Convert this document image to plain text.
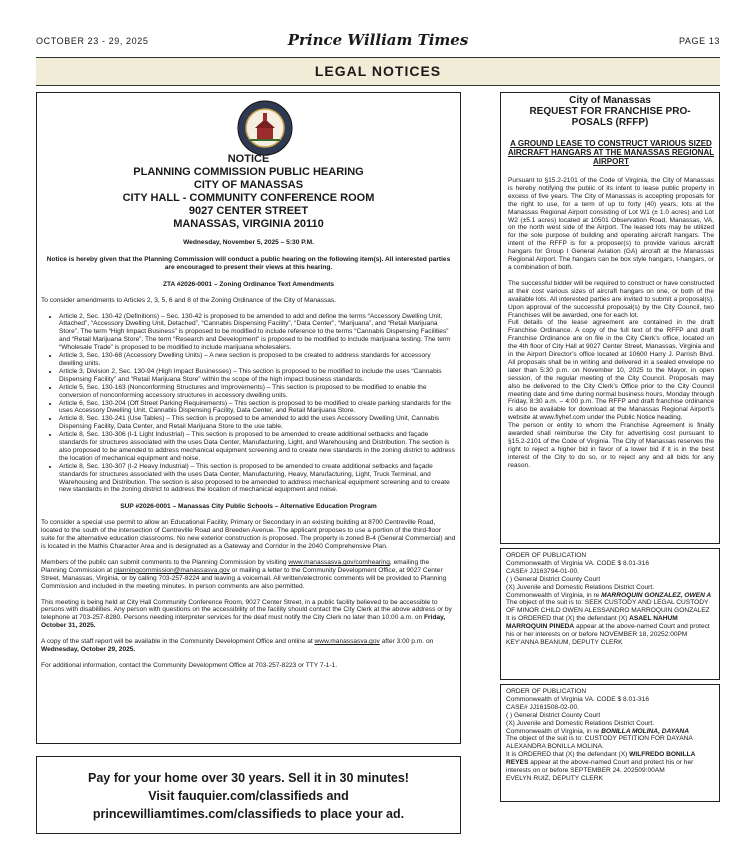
OCTOBER 23 - 29, 2025	Prince William Times	PAGE 13
LEGAL NOTICES
NOTICE
PLANNING COMMISSION PUBLIC HEARING
CITY OF MANASSAS
CITY HALL - COMMUNITY CONFERENCE ROOM
9027 CENTER STREET
MANASSAS, VIRGINIA 20110
Wednesday, November 5, 2025 – 5:30 P.M.
Notice is hereby given that the Planning Commission will conduct a public hearing on the following item(s). All interested parties are encouraged to present their views at this hearing.
ZTA #2026-0001 – Zoning Ordinance Text Amendments
To consider amendments to Articles 2, 3, 5, 6 and 8 of the Zoning Ordinance of the City of Manassas.
• Article 2, Sec. 130-42 (Definitions) – Sec. 130-42 is proposed to be amended to add and define the terms “Accessory Dwelling Unit, Attached”, “Accessory Dwelling Unit, Detached”, “Cannabis Dispensing Facility”, “Data Center”, “Marijuana”, and “Retail Marijuana Store”. The term “High Impact Business” is proposed to be modified to include reference to the terms “Cannabis Dispensing Facilities” and “Retail Marijuana Store”. The term “Research and Development” is proposed to be modified to include marijuana testing. The term “Wholesale Trade” is proposed to be modified to include marijuana wholesalers.
• Article 3, Sec. 130-68 (Accessory Dwelling Units) – A new section is proposed to be created to address standards for accessory dwelling units.
• Article 3, Division 2, Sec. 130-94 (High Impact Businesses) – This section is proposed to be modified to include the uses “Cannabis Dispensing Facility” and “Retail Marijuana Store” within the scope of the high impact business standards.
• Article 5, Sec. 130-163 (Nonconforming Structures and Improvements) – This section is proposed to be modified to enable the conversion of nonconforming accessory structures in accessory dwelling units.
• Article 6, Sec. 130-204 (Off Street Parking Requirements) – This section is proposed to be modified to create parking standards for the uses Accessory Dwelling Unit, Cannabis Dispensing Facility, Data Center, and Retail Marijuana Store.
• Article 8, Sec. 130-241 (Use Tables) – This section is proposed to be amended to add the uses Accessory Dwelling Unit, Cannabis Dispensing Facility, Data Center, and Retail Marijuana Store to the use table.
• Article 8, Sec. 130-306 (I-1 Light Industrial) – This section is proposed to be amended to create additional setbacks and façade standards for structures associated with the uses Data Center, Manufacturing, Light, and Warehousing and Distribution. The section is also proposed to be amended to address mechanical equipment screening and to create new standards in the zoning district to address the location of mechanical equipment and noise.
• Article 8, Sec. 130-307 (I-2 Heavy Industrial) – This section is proposed to be amended to create additional setbacks and façade standards for structures associated with the uses Data Center, Manufacturing, Heavy, Manufacturing, Light, Truck Terminal, and Warehousing and Distribution. The section is also proposed to be amended to address mechanical equipment screening and to create new standards in the zoning district to address the location of mechanical equipment and noise.
SUP #2026-0001 – Manassas City Public Schools – Alternative Education Program
To consider a special use permit to allow an Educational Facility, Primary or Secondary in an existing building at 8700 Centreville Road, located to the south of the intersection of Centreville Road and Breeden Avenue. The applicant proposes to use a portion of the third-floor suite for the alternative education classrooms. No new exterior construction is proposed. The property is zoned B-4 (General Commercial) and is located in the Mathis Character Area and is designated as a Gateway and Corridor in the 2040 Comprehensive Plan.
Members of the public can submit comments to the Planning Commission by visiting www.manassasva.gov/comhearing, emailing the Planning Commission at planningcommission@manassasva.gov or mailing a letter to the Community Development Office, at 9027 Center Street, Manassas, Virginia, or by calling 703-257-8224 and leaving a voicemail. All written/electronic comments will be provided to Planning Commission and included in the meeting minutes. In person comments are also permitted.
This meeting is being held at City Hall Community Conference Room, 9027 Center Street, in a public facility believed to be accessible to persons with disabilities. Any person with questions on the accessibility of the facility should contact the City Clerk at the above address or by telephone at 703-257-8280. Persons needing interpreter services for the deaf must notify the City Clerk no later than 10:00 a.m. on Friday, October 31, 2025.
A copy of the staff report will be available in the Community Development Office and online at www.manassasva.gov after 3:00 p.m. on Wednesday, October 29, 2025.
For additional information, contact the Community Development Office at 703-257-8223 or TTY 7-1-1.
Pay for your home over 30 years. Sell it in 30 minutes!
Visit fauquier.com/classifieds and
princewilliamtimes.com/classifieds to place your ad.
City of Manassas
REQUEST FOR FRANCHISE PRO-
POSALS (RFFP)
A GROUND LEASE TO CONSTRUCT VARIOUS SIZED AIRCRAFT HANGARS AT THE MANASSAS REGIONAL AIRPORT
Pursuant to §15.2-2101 of the Code of Virginia, the City of Manassas is hereby notifying the public of its intent to lease public property in excess of five years. The City of Manassas is accepting proposals for the right to use, for a term of up to forty (40) years, lots at the Manassas Regional Airport consisting of Lot W1 (± 1.0 acres) and Lot W2 (±5.1 acres) located at 10501 Observation Road, Manassas, VA, on the north west side of the Airport. The leased lots may be utilized for the sole purpose of building and operating aircraft hangars. The intent of the RFFP is for a proposer(s) to provide various aircraft hangars for Group I General Aviation (GA) aircraft at the Manassas Regional Airport. The hangars can be box style hangars, t-hangars, or a combination of both.
The successful bidder will be required to construct or have constructed at their cost various sizes of aircraft hangars on one, or both of the available lots. All interested parties are invited to submit a proposal(s). Upon approval of the successful proposal(s) by the City Council, two Franchises will be awarded, one for each lot.
Full details of the lease agreement are contained in the draft Franchise Ordinance. A copy of the full text of the RFFP and draft Franchise Ordinance are on file in the City Clerk’s office, located on the 4th floor of City Hall at 9027 Center Street, Manassas, Virginia and in the Airport Director’s office located at 10600 Harry J. Parrish Blvd. All proposals shall be in writing and delivered in a sealed envelope no later than 5:30 p.m. on November 10, 2025 to the Mayor, in open session, of the regular meeting of the City Council. Proposals may also be delivered to the City Clerk’s Office prior to the City Council meeting date and time during normal business hours, Monday through Friday, 8:30 a.m. – 4:00 p.m. The RFFP and draft franchise ordinance is also be available for download at the Manassas Regional Airport’s website at www.flyhef.com under the Public Notice heading.
The person or entity to whom the Franchise Agreement is finally awarded shall reimburse the City for advertising cost pursuant to §15.2-2101 of the Code of Virginia. The City of Manassas reserves the right to reject a higher bid in favor of a lower bid if it is in the best interest of the City to do so, or to reject any and all bids for any reason.
ORDER OF PUBLICATION
Commonwealth of Virginia VA. CODE $ 8.01-316
CASE# JJ163794-01-00.
( ) General District County Court
(X) Juvenile and Domestic Relations District Court.
Commonwealth of Virginia, in re MARROQUIN GONZALEZ, OWEN A
The object of the suit is to: SEEK CUSTODY AND LEGAL CUSTODY OF MINOR CHILD OWEN ALESSANDRO MARROQUIN GONZALEZ
It is ORDERED that (X) the defendant (X) ASAEL NAHUM MARROQUIN PINEDA appear at the above-named Court and protect his or her interests on or before NOVEMBER 18, 20252:00PM
KEY'ANNA BEANUM, DEPUTY CLERK
ORDER OF PUBLICATION
Commonwealth of Virginia VA. CODE $ 8.01-316
CASE# JJ161508-02-00.
( ) General District County Court
(X) Juvenile and Domestic Relations District Court.
Commonwealth of Virginia, in re BONILLA MOLINA, DAYANA
The object of the suit is to: CUSTODY PETITION FOR DAYANA ALEXANDRA BONILLA MOLINA.
It is ORDERED that (X) the defendant (X) WILFREDO BONILLA REYES appear at the above-named Court and protect his or her interests on or before SEPTEMBER 24, 202509:00AM
EVELYN RUIZ, DEPUTY CLERK
